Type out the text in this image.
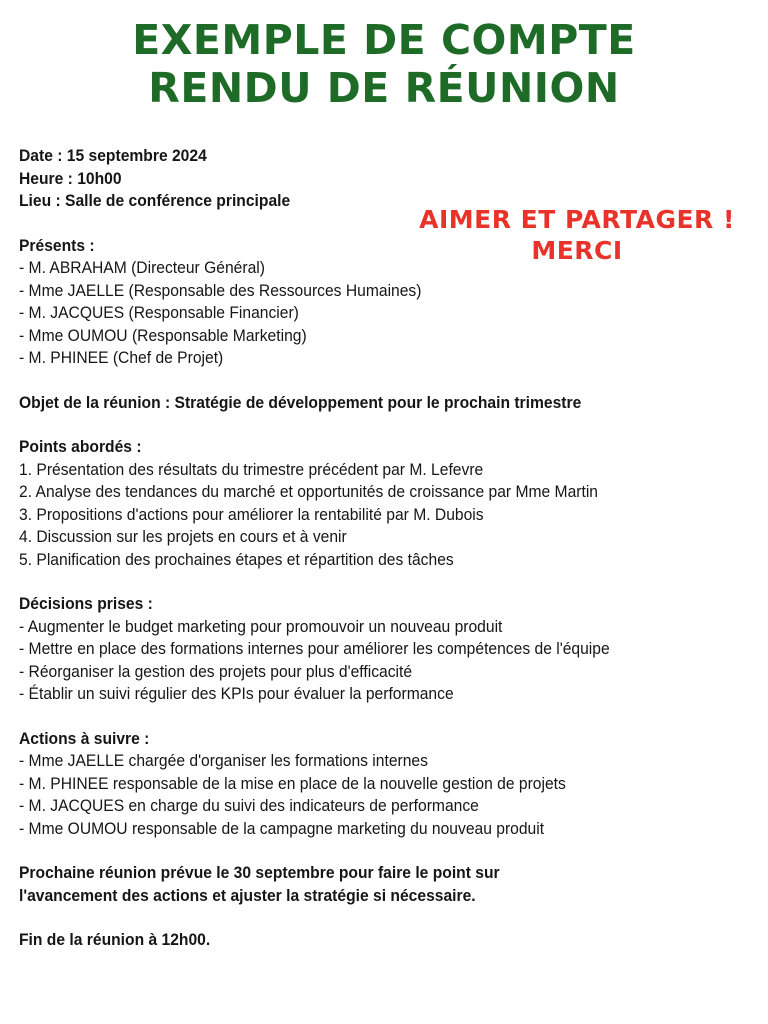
EXEMPLE DE COMPTE
RENDU DE RÉUNION
AIMER ET PARTAGER !
MERCI
Date : 15 septembre 2024
Heure : 10h00
Lieu : Salle de conférence principale
Présents :
- M. ABRAHAM (Directeur Général)
- Mme JAELLE (Responsable des Ressources Humaines)
- M. JACQUES (Responsable Financier)
- Mme OUMOU (Responsable Marketing)
- M. PHINEE (Chef de Projet)
Objet de la réunion : Stratégie de développement pour le prochain trimestre
Points abordés :
1. Présentation des résultats du trimestre précédent par M. Lefevre
2. Analyse des tendances du marché et opportunités de croissance par Mme Martin
3. Propositions d'actions pour améliorer la rentabilité par M. Dubois
4. Discussion sur les projets en cours et à venir
5. Planification des prochaines étapes et répartition des tâches
Décisions prises :
- Augmenter le budget marketing pour promouvoir un nouveau produit
- Mettre en place des formations internes pour améliorer les compétences de l'équipe
- Réorganiser la gestion des projets pour plus d'efficacité
- Établir un suivi régulier des KPIs pour évaluer la performance
Actions à suivre :
- Mme JAELLE chargée d'organiser les formations internes
- M. PHINEE responsable de la mise en place de la nouvelle gestion de projets
- M. JACQUES en charge du suivi des indicateurs de performance
- Mme OUMOU responsable de la campagne marketing du nouveau produit
Prochaine réunion prévue le 30 septembre pour faire le point sur
l'avancement des actions et ajuster la stratégie si nécessaire.
Fin de la réunion à 12h00.
